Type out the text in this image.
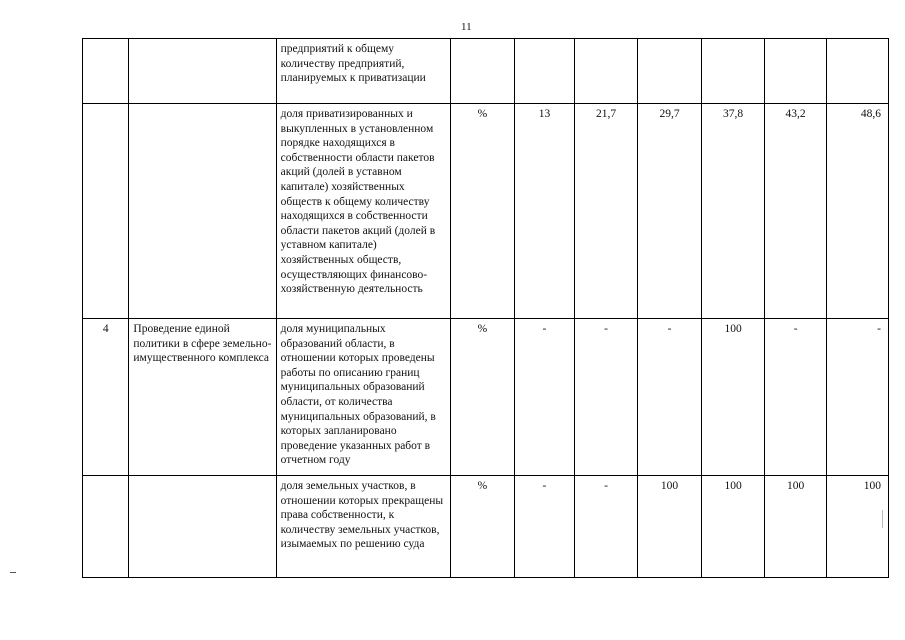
11
		предприятий к общему количеству предприятий, планируемых к приватизации							
		доля приватизированных и выкупленных в установленном порядке находящихся в собственности области пакетов акций (долей в уставном капитале) хозяйственных обществ к общему количеству находящихся в собственности области пакетов акций (долей в уставном капитале) хозяйственных обществ, осуществляющих финансово-хозяйственную деятельность	%	13	21,7	29,7	37,8	43,2	48,6
4	Проведение единой политики в сфере земельно-имущественного комплекса	доля муниципальных образований области, в отношении которых проведены работы по описанию границ муниципальных образований области, от количества муниципальных образований, в которых запланировано проведение указанных работ в отчетном году	%	-	-	-	100	-	-
		доля земельных участков, в отношении которых прекращены права собственности, к количеству земельных участков, изымаемых по решению суда	%	-	-	100	100	100	100
